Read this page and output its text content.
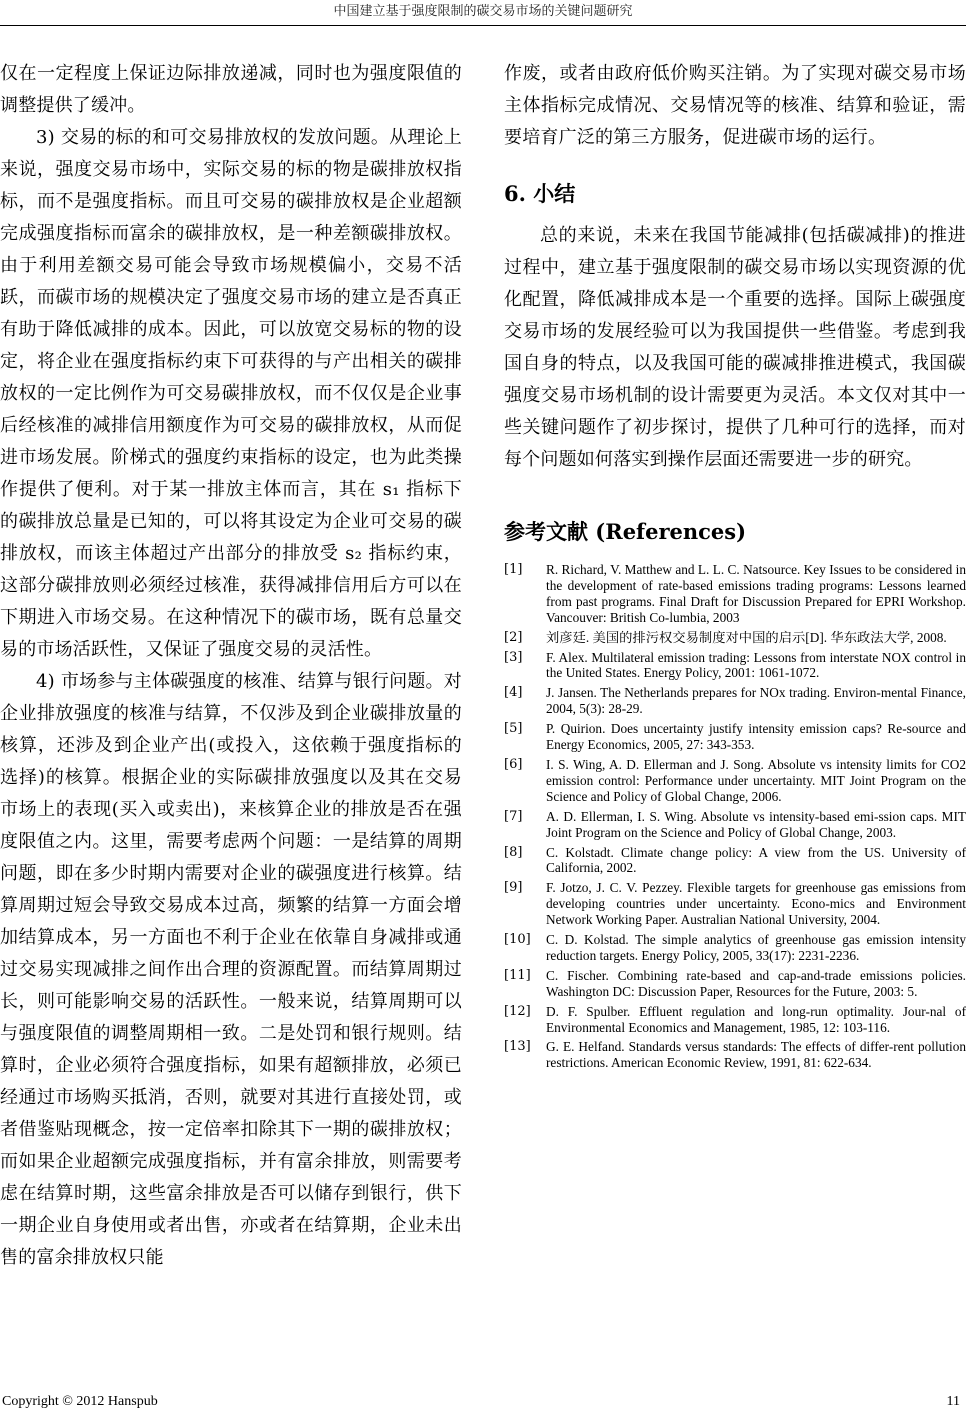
中国建立基于强度限制的碳交易市场的关键问题研究

仅在一定程度上保证边际排放递减，同时也为强度限值的调整提供了缓冲。

3) 交易的标的和可交易排放权的发放问题。从理论上来说，强度交易市场中，实际交易的标的物是碳排放权指标，而不是强度指标。而且可交易的碳排放权是企业超额完成强度指标而富余的碳排放权，是一种差额碳排放权。由于利用差额交易可能会导致市场规模偏小，交易不活跃，而碳市场的规模决定了强度交易市场的建立是否真正有助于降低减排的成本。因此，可以放宽交易标的物的设定，将企业在强度指标约束下可获得的与产出相关的碳排放权的一定比例作为可交易碳排放权，而不仅仅是企业事后经核准的减排信用额度作为可交易的碳排放权，从而促进市场发展。阶梯式的强度约束指标的设定，也为此类操作提供了便利。对于某一排放主体而言，其在 s₁ 指标下的碳排放总量是已知的，可以将其设定为企业可交易的碳排放权，而该主体超过产出部分的排放受 s₂ 指标约束，这部分碳排放则必须经过核准，获得减排信用后方可以在下期进入市场交易。在这种情况下的碳市场，既有总量交易的市场活跃性，又保证了强度交易的灵活性。

4) 市场参与主体碳强度的核准、结算与银行问题。对企业排放强度的核准与结算，不仅涉及到企业碳排放量的核算，还涉及到企业产出(或投入，这依赖于强度指标的选择)的核算。根据企业的实际碳排放强度以及其在交易市场上的表现(买入或卖出)，来核算企业的排放是否在强度限值之内。这里，需要考虑两个问题：一是结算的周期问题，即在多少时期内需要对企业的碳强度进行核算。结算周期过短会导致交易成本过高，频繁的结算一方面会增加结算成本，另一方面也不利于企业在依靠自身减排或通过交易实现减排之间作出合理的资源配置。而结算周期过长，则可能影响交易的活跃性。一般来说，结算周期可以与强度限值的调整周期相一致。二是处罚和银行规则。结算时，企业必须符合强度指标，如果有超额排放，必须已经通过市场购买抵消，否则，就要对其进行直接处罚，或者借鉴贴现概念，按一定倍率扣除其下一期的碳排放权；而如果企业超额完成强度指标，并有富余排放，则需要考虑在结算时期，这些富余排放是否可以储存到银行，供下一期企业自身使用或者出售，亦或者在结算期，企业未出售的富余排放权只能

作废，或者由政府低价购买注销。为了实现对碳交易市场主体指标完成情况、交易情况等的核准、结算和验证，需要培育广泛的第三方服务，促进碳市场的运行。

6. 小结

总的来说，未来在我国节能减排(包括碳减排)的推进过程中，建立基于强度限制的碳交易市场以实现资源的优化配置，降低减排成本是一个重要的选择。国际上碳强度交易市场的发展经验可以为我国提供一些借鉴。考虑到我国自身的特点，以及我国可能的碳减排推进模式，我国碳强度交易市场机制的设计需要更为灵活。本文仅对其中一些关键问题作了初步探讨，提供了几种可行的选择，而对每个问题如何落实到操作层面还需要进一步的研究。

参考文献 (References)
[1] R. Richard, V. Matthew and L. L. C. Natsource. Key Issues to be considered in the development of rate-based emissions trading programs: Lessons learned from past programs. Final Draft for Discussion Prepared for EPRI Workshop. Vancouver: British Co-lumbia, 2003
[2] 刘彦廷. 美国的排污权交易制度对中国的启示[D]. 华东政法大学, 2008.
[3] F. Alex. Multilateral emission trading: Lessons from interstate NOX control in the United States. Energy Policy, 2001: 1061-1072.
[4] J. Jansen. The Netherlands prepares for NOx trading. Environ-mental Finance, 2004, 5(3): 28-29.
[5] P. Quirion. Does uncertainty justify intensity emission caps? Re-source and Energy Economics, 2005, 27: 343-353.
[6] I. S. Wing, A. D. Ellerman and J. Song. Absolute vs intensity limits for CO2 emission control: Performance under uncertainty. MIT Joint Program on the Science and Policy of Global Change, 2006.
[7] A. D. Ellerman, I. S. Wing. Absolute vs intensity-based emi-ssion caps. MIT Joint Program on the Science and Policy of Global Change, 2003.
[8] C. Kolstadt. Climate change policy: A view from the US. University of California, 2002.
[9] F. Jotzo, J. C. V. Pezzey. Flexible targets for greenhouse gas emissions from developing countries under uncertainty. Econo-mics and Environment Network Working Paper. Australian National University, 2004.
[10] C. D. Kolstad. The simple analytics of greenhouse gas emission intensity reduction targets. Energy Policy, 2005, 33(17): 2231-2236.
[11] C. Fischer. Combining rate-based and cap-and-trade emissions policies. Washington DC: Discussion Paper, Resources for the Future, 2003: 5.
[12] D. F. Spulber. Effluent regulation and long-run optimality. Jour-nal of Environmental Economics and Management, 1985, 12: 103-116.
[13] G. E. Helfand. Standards versus standards: The effects of differ-rent pollution restrictions. American Economic Review, 1991, 81: 622-634.
Copyright © 2012 Hanspub	11
